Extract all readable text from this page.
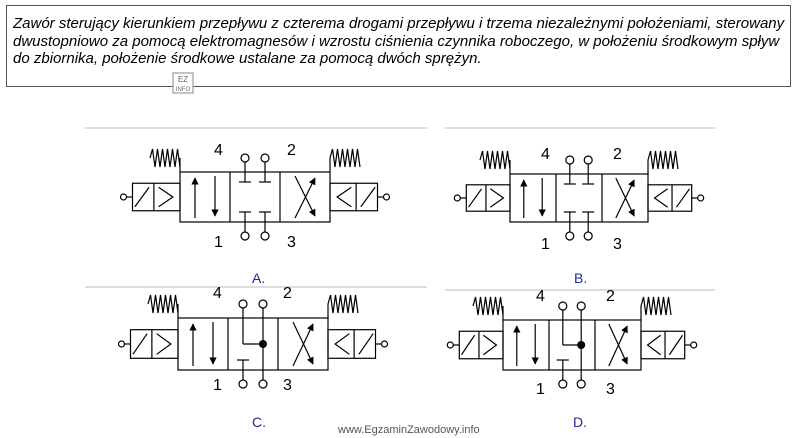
Zawór sterujący kierunkiem przepływu z czterema drogami przepływu i trzema niezależnymi położeniami, sterowany dwustopniowo za pomocą elektromagnesów i wzrostu ciśnienia czynnika roboczego, w położeniu środkowym spływ do zbiornika, położenie środkowe ustalane za pomocą dwóch sprężyn.

EZ
INFO
4	2
1	3
A.
4	2
1	3
B.
4	2
1	3
C.
4	2
1	3
D.
www.EgzaminZawodowy.info
